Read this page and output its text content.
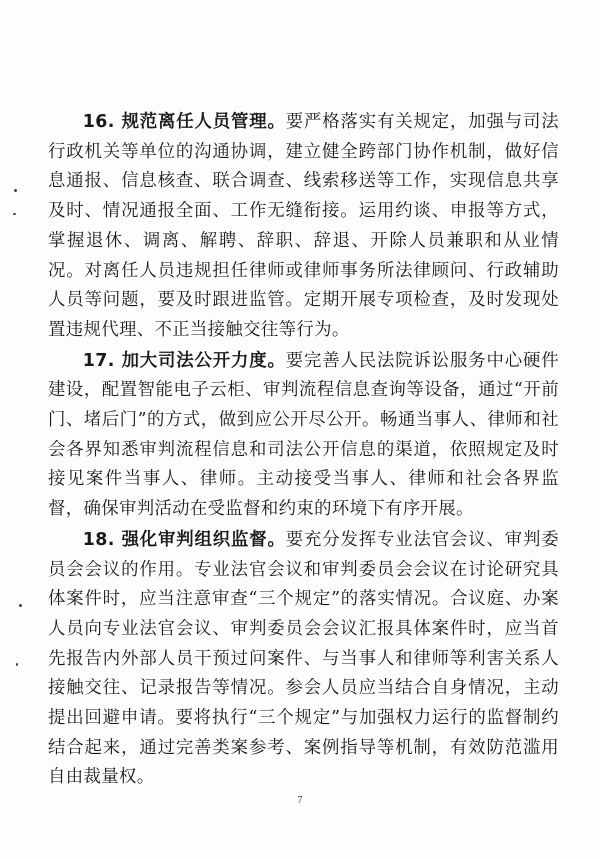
16. 规范离任人员管理。要严格落实有关规定，加强与司法行政机关等单位的沟通协调，建立健全跨部门协作机制，做好信息通报、信息核查、联合调查、线索移送等工作，实现信息共享及时、情况通报全面、工作无缝衔接。运用约谈、申报等方式，掌握退休、调离、解聘、辞职、辞退、开除人员兼职和从业情况。对离任人员违规担任律师或律师事务所法律顾问、行政辅助人员等问题，要及时跟进监管。定期开展专项检查，及时发现处置违规代理、不正当接触交往等行为。

17. 加大司法公开力度。要完善人民法院诉讼服务中心硬件建设，配置智能电子云柜、审判流程信息查询等设备，通过“开前门、堵后门”的方式，做到应公开尽公开。畅通当事人、律师和社会各界知悉审判流程信息和司法公开信息的渠道，依照规定及时接见案件当事人、律师。主动接受当事人、律师和社会各界监督，确保审判活动在受监督和约束的环境下有序开展。

18. 强化审判组织监督。要充分发挥专业法官会议、审判委员会会议的作用。专业法官会议和审判委员会会议在讨论研究具体案件时，应当注意审查“三个规定”的落实情况。合议庭、办案人员向专业法官会议、审判委员会会议汇报具体案件时，应当首先报告内外部人员干预过问案件、与当事人和律师等利害关系人接触交往、记录报告等情况。参会人员应当结合自身情况，主动提出回避申请。要将执行“三个规定”与加强权力运行的监督制约结合起来，通过完善类案参考、案例指导等机制，有效防范滥用自由裁量权。

7
